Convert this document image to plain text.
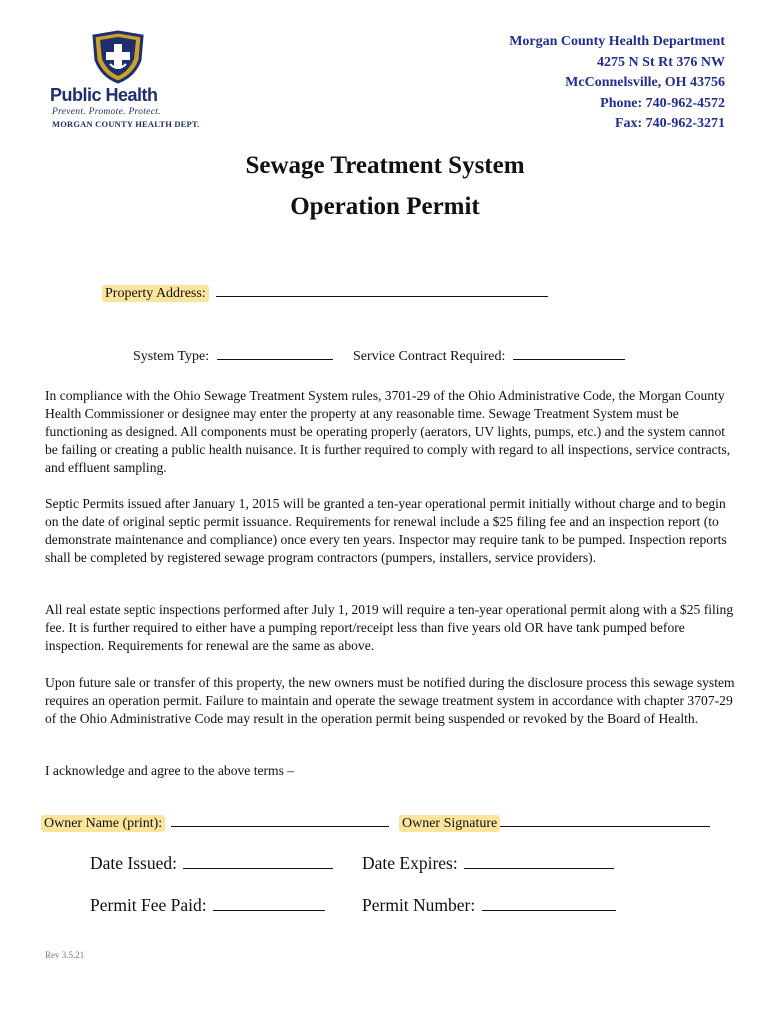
Public Health
Prevent. Promote. Protect.
MORGAN COUNTY HEALTH DEPT.
Morgan County Health Department
4275 N St Rt 376 NW
McConnelsville, OH 43756
Phone: 740-962-4572
Fax: 740-962-3271
Sewage Treatment System
Operation Permit
Property Address:
System Type:	Service Contract Required:

In compliance with the Ohio Sewage Treatment System rules, 3701-29 of the Ohio Administrative Code, the Morgan County Health Commissioner or designee may enter the property at any reasonable time. Sewage Treatment System must be functioning as designed. All components must be operating properly (aerators, UV lights, pumps, etc.) and the system cannot be failing or creating a public health nuisance. It is further required to comply with regard to all inspections, service contracts, and effluent sampling.

Septic Permits issued after January 1, 2015 will be granted a ten-year operational permit initially without charge and to begin on the date of original septic permit issuance. Requirements for renewal include a $25 filing fee and an inspection report (to demonstrate maintenance and compliance) once every ten years. Inspector may require tank to be pumped. Inspection reports shall be completed by registered sewage program contractors (pumpers, installers, service providers).

All real estate septic inspections performed after July 1, 2019 will require a ten-year operational permit along with a $25 filing fee. It is further required to either have a pumping report/receipt less than five years old OR have tank pumped before inspection. Requirements for renewal are the same as above.

Upon future sale or transfer of this property, the new owners must be notified during the disclosure process this sewage system requires an operation permit. Failure to maintain and operate the sewage treatment system in accordance with chapter 3707-29 of the Ohio Administrative Code may result in the operation permit being suspended or revoked by the Board of Health.

I acknowledge and agree to the above terms –
Owner Name (print):	Owner Signature
Date Issued:	Date Expires:
Permit Fee Paid:	Permit Number:
Rev 3.5.21
